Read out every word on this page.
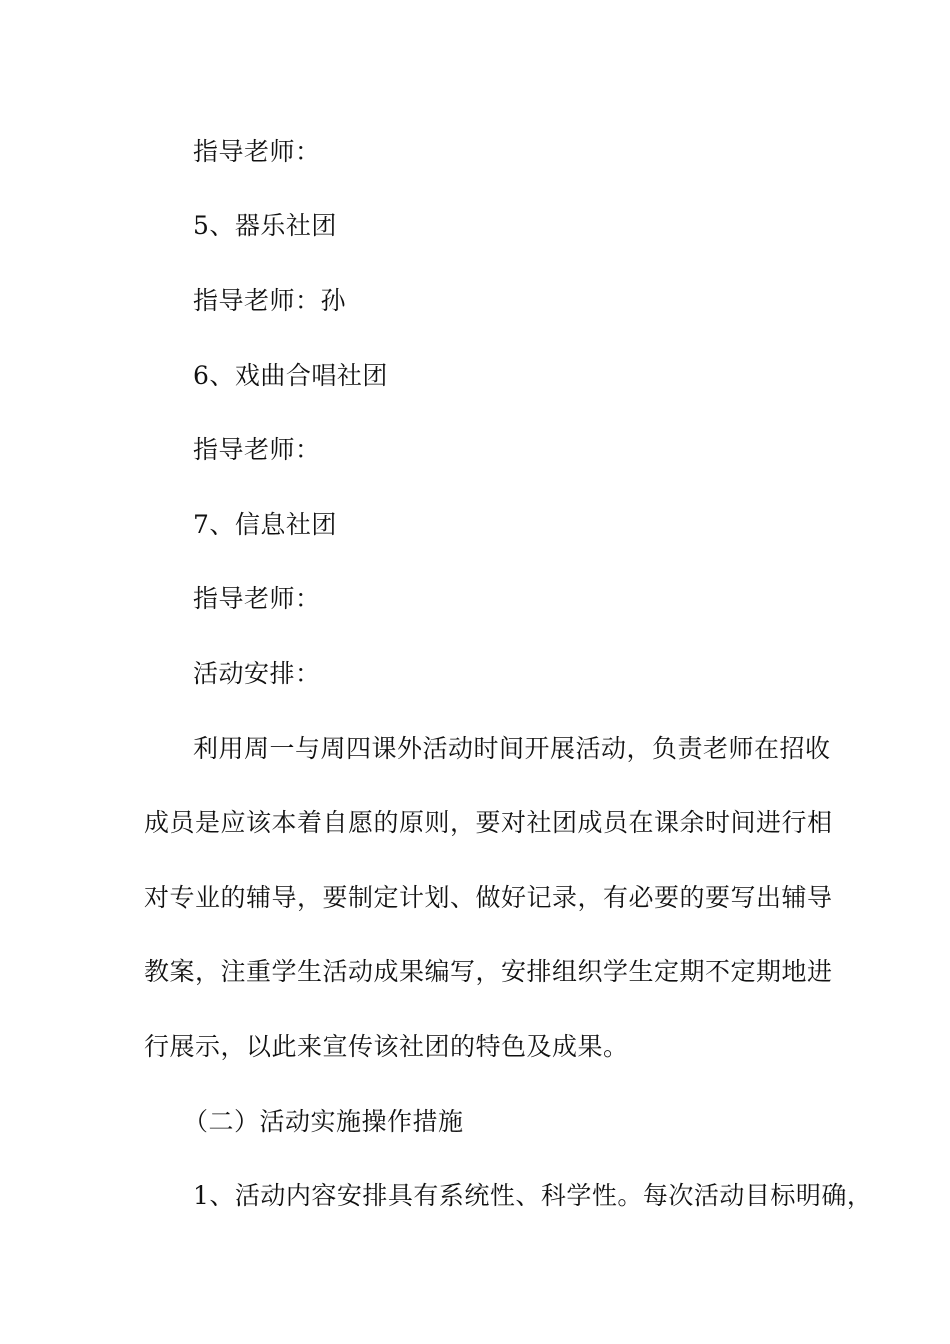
指导老师：
5、器乐社团
指导老师：孙
6、戏曲合唱社团
指导老师：
7、信息社团
指导老师：
活动安排：
利用周一与周四课外活动时间开展活动，负责老师在招收
成员是应该本着自愿的原则，要对社团成员在课余时间进行相
对专业的辅导，要制定计划、做好记录，有必要的要写出辅导
教案，注重学生活动成果编写，安排组织学生定期不定期地进
行展示，以此来宣传该社团的特色及成果。
（二）活动实施操作措施
1、活动内容安排具有系统性、科学性。每次活动目标明确，
